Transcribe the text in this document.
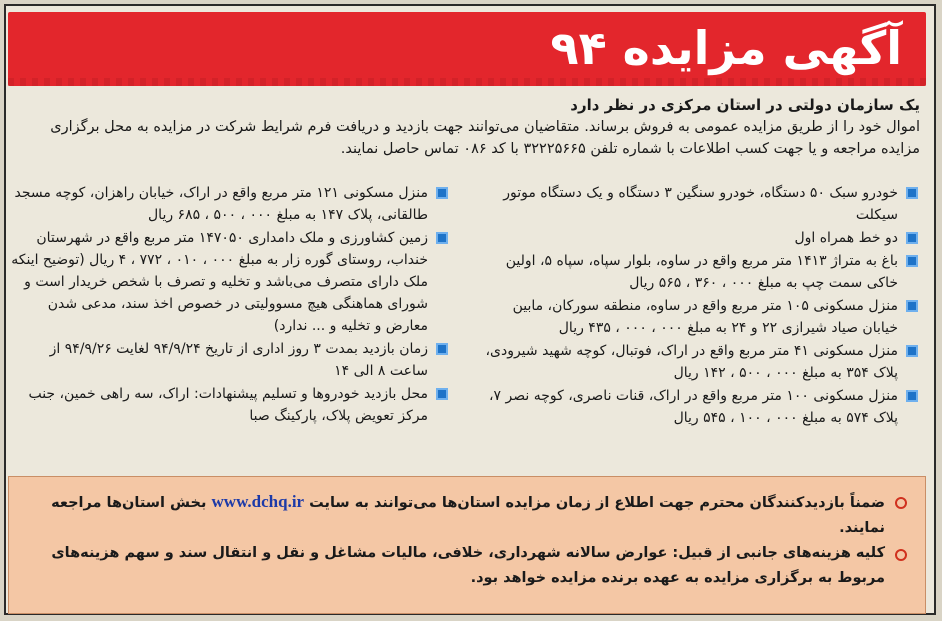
آگهی مزایده ۹۴

یک سازمان دولتی در استان مرکزی در نظر دارد

اموال خود را از طریق مزایده عمومی به فروش برساند. متقاضیان می‌توانند جهت بازدید و دریافت فرم شرایط شرکت در مزایده به محل برگزاری مزایده مراجعه و یا جهت کسب اطلاعات با شماره تلفن ۳۲۲۲۵۶۶۵ با کد ۰۸۶ تماس حاصل نمایند.

خودرو سبک ۵۰ دستگاه، خودرو سنگین ۳ دستگاه و یک دستگاه موتور سیکلت
دو خط همراه اول
باغ به متراژ ۱۴۱۳ متر مربع واقع در ساوه، بلوار سپاه، سپاه ۵، اولین خاکی سمت چپ به مبلغ ۰۰۰ ، ۳۶۰ ، ۵۶۵ ریال
منزل مسکونی ۱۰۵ متر مربع واقع در ساوه، منطقه سورکان، مابین خیابان صیاد شیرازی ۲۲ و ۲۴ به مبلغ ۰۰۰ ، ۰۰۰ ، ۴۳۵ ریال
منزل مسکونی ۴۱ متر مربع واقع در اراک، فوتبال، کوچه شهید شیرودی، پلاک ۳۵۴ به مبلغ ۰۰۰ ، ۵۰۰ ، ۱۴۲ ریال
منزل مسکونی ۱۰۰ متر مربع واقع در اراک، قنات ناصری، کوچه نصر ۷، پلاک ۵۷۴ به مبلغ ۰۰۰ ، ۱۰۰ ، ۵۴۵ ریال
منزل مسکونی ۱۲۱ متر مربع واقع در اراک، خیابان راهزان، کوچه مسجد طالقانی، پلاک ۱۴۷ به مبلغ ۰۰۰ ، ۵۰۰ ، ۶۸۵ ریال
زمین کشاورزی و ملک دامداری ۱۴۷۰۵۰ متر مربع واقع در شهرستان خنداب، روستای گوره زار به مبلغ ۰۰۰ ، ۰۱۰ ، ۷۷۲ ، ۴ ریال (توضیح اینکه ملک دارای متصرف می‌باشد و تخلیه و تصرف با شخص خریدار است و شورای هماهنگی هیچ مسوولیتی در خصوص اخذ سند، مدعی شدن معارض و تخلیه و ... ندارد)
زمان بازدید بمدت ۳ روز اداری از تاریخ ۹۴/۹/۲۴ لغایت ۹۴/۹/۲۶ از ساعت ۸ الی ۱۴
محل بازدید خودروها و تسلیم پیشنهادات: اراک، سه راهی خمین، جنب مرکز تعویض پلاک، پارکینگ صبا
ضمناً بازدیدکنندگان محترم جهت اطلاع از زمان مزایده استان‌ها می‌توانند به سایت www.dchq.ir بخش استان‌ها مراجعه نمایند.
کلیه هزینه‌های جانبی از قبیل: عوارض سالانه شهرداری، خلافی، مالیات مشاغل و نقل و انتقال سند و سهم هزینه‌های مربوط به برگزاری مزایده به عهده برنده مزایده خواهد بود.
